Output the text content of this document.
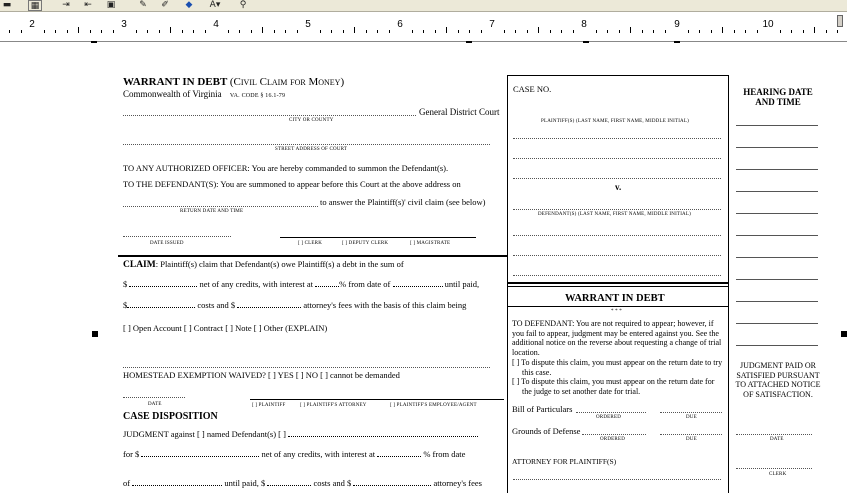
▬	▦	⇥ ⇤	▣	✎	✐	◆	A▾	⚲
2	3	4	5	6	7	8	9	10
WARRANT IN DEBT (Civil Claim for Money)
Commonwealth of Virginia VA. CODE § 16.1-79
General District Court
CITY OR COUNTY
STREET ADDRESS OF COURT
TO ANY AUTHORIZED OFFICER: You are hereby commanded to summon the Defendant(s).
TO THE DEFENDANT(S): You are summoned to appear before this Court at the above address on
to answer the Plaintiff(s)' civil claim (see below)
RETURN DATE AND TIME
DATE ISSUED	[ ] CLERK	[ ] DEPUTY CLERK	[ ] MAGISTRATE
CLAIM: Plaintiff(s) claim that Defendant(s) owe Plaintiff(s) a debt in the sum of
$	net of any credits, with interest at	% from date of	until paid,
$	costs and $	attorney's fees with the basis of this claim being
[ ] Open Account [ ] Contract [ ] Note [ ] Other (EXPLAIN)
HOMESTEAD EXEMPTION WAIVED? [ ] YES [ ] NO [ ] cannot be demanded
DATE	[ ] PLAINTIFF	[ ] PLAINTIFF'S ATTORNEY	[ ] PLAINTIFF'S EMPLOYEE/AGENT
CASE DISPOSITION
JUDGMENT against [ ] named Defendant(s) [ ]
for $	net of any credits, with interest at	% from date
of	until paid, $	costs and $	attorney's fees
CASE NO.
PLAINTIFF(S) (LAST NAME, FIRST NAME, MIDDLE INITIAL)
v.
DEFENDANT(S) (LAST NAME, FIRST NAME, MIDDLE INITIAL)
WARRANT IN DEBT
* * *
TO DEFENDANT: You are not required to appear; however, if you fail to appear, judgment may be entered against you. See the additional notice on the reverse about requesting a change of trial location.
[ ] To dispute this claim, you must appear on the return date to try this case.
[ ] To dispute this claim, you must appear on the return date for the judge to set another date for trial.
Bill of Particulars
ORDERED	DUE
Grounds of Defense
ORDERED	DUE
ATTORNEY FOR PLAINTIFF(S)
HEARING DATE AND TIME
JUDGMENT PAID OR SATISFIED PURSUANT TO ATTACHED NOTICE OF SATISFACTION.
DATE
CLERK
